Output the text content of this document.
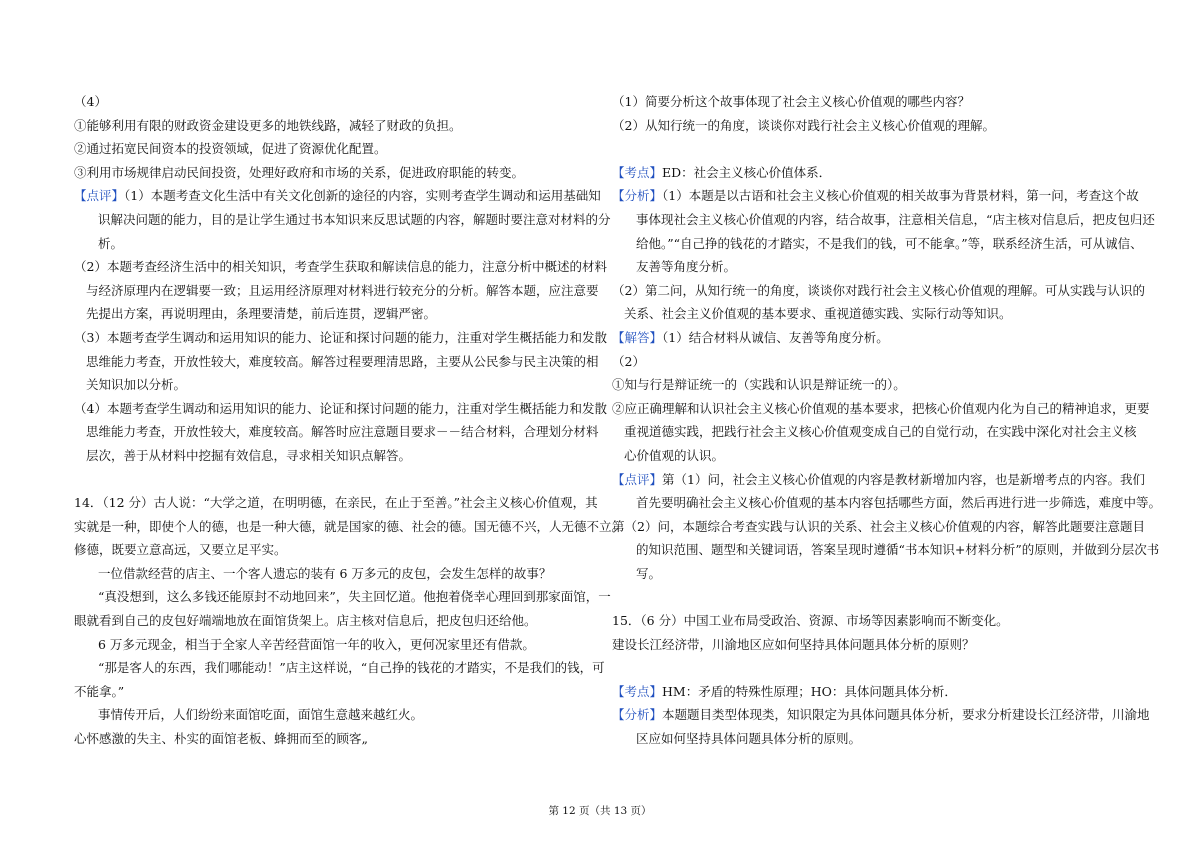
（4）

①能够利用有限的财政资金建设更多的地铁线路，减轻了财政的负担。

②通过拓宽民间资本的投资领域，促进了资源优化配置。

③利用市场规律启动民间投资，处理好政府和市场的关系，促进政府职能的转变。

【点评】（1）本题考查文化生活中有关文化创新的途径的内容，实则考查学生调动和运用基础知

识解决问题的能力，目的是让学生通过书本知识来反思试题的内容，解题时要注意对材料的分

析。

（2）本题考查经济生活中的相关知识，考查学生获取和解读信息的能力，注意分析中概述的材料

与经济原理内在逻辑要一致；且运用经济原理对材料进行较充分的分析。解答本题，应注意要

先提出方案，再说明理由，条理要清楚，前后连贯，逻辑严密。

（3）本题考查学生调动和运用知识的能力、论证和探讨问题的能力，注重对学生概括能力和发散

思维能力考查，开放性较大，难度较高。解答过程要理清思路，主要从公民参与民主决策的相

关知识加以分析。

（4）本题考查学生调动和运用知识的能力、论证和探讨问题的能力，注重对学生概括能力和发散

思维能力考查，开放性较大，难度较高。解答时应注意题目要求－－结合材料，合理划分材料

层次，善于从材料中挖掘有效信息，寻求相关知识点解答。

14．（12 分）古人说：“大学之道，在明明德，在亲民，在止于至善。”社会主义核心价值观，其

实就是一种，即使个人的德，也是一种大德，就是国家的德、社会的德。国无德不兴，人无德不立。

修德，既要立意高远，又要立足平实。

一位借款经营的店主、一个客人遗忘的装有 6 万多元的皮包，会发生怎样的故事？

“真没想到，这么多钱还能原封不动地回来”，失主回忆道。他抱着侥幸心理回到那家面馆，一

眼就看到自己的皮包好端端地放在面馆货架上。店主核对信息后，把皮包归还给他。

6 万多元现金，相当于全家人辛苦经营面馆一年的收入，更何况家里还有借款。

“那是客人的东西，我们哪能动！”店主这样说，“自己挣的钱花的才踏实，不是我们的钱，可

不能拿。”

事情传开后，人们纷纷来面馆吃面，面馆生意越来越红火。

心怀感激的失主、朴实的面馆老板、蜂拥而至的顾客„

（1）简要分析这个故事体现了社会主义核心价值观的哪些内容？

（2）从知行统一的角度，谈谈你对践行社会主义核心价值观的理解。

【考点】ED：社会主义核心价值体系．

【分析】（1）本题是以古语和社会主义核心价值观的相关故事为背景材料，第一问，考查这个故

事体现社会主义核心价值观的内容，结合故事，注意相关信息，“店主核对信息后，把皮包归还

给他。”“自己挣的钱花的才踏实，不是我们的钱，可不能拿。”等，联系经济生活，可从诚信、

友善等角度分析。

（2）第二问，从知行统一的角度，谈谈你对践行社会主义核心价值观的理解。可从实践与认识的

关系、社会主义价值观的基本要求、重视道德实践、实际行动等知识。

【解答】（1）结合材料从诚信、友善等角度分析。

（2）

①知与行是辩证统一的（实践和认识是辩证统一的）。

②应正确理解和认识社会主义核心价值观的基本要求，把核心价值观内化为自己的精神追求，更要

重视道德实践，把践行社会主义核心价值观变成自己的自觉行动，在实践中深化对社会主义核

心价值观的认识。

【点评】第（1）问，社会主义核心价值观的内容是教材新增加内容，也是新增考点的内容。我们

首先要明确社会主义核心价值观的基本内容包括哪些方面，然后再进行进一步筛选，难度中等。

第（2）问，本题综合考查实践与认识的关系、社会主义核心价值观的内容，解答此题要注意题目

的知识范围、题型和关键词语，答案呈现时遵循“书本知识+材料分析”的原则，并做到分层次书

写。

15．（6 分）中国工业布局受政治、资源、市场等因素影响而不断变化。

建设长江经济带，川渝地区应如何坚持具体问题具体分析的原则？

【考点】HM：矛盾的特殊性原理；HO：具体问题具体分析．

【分析】本题题目类型体现类，知识限定为具体问题具体分析，要求分析建设长江经济带，川渝地

区应如何坚持具体问题具体分析的原则。

第 12 页（共 13 页）
